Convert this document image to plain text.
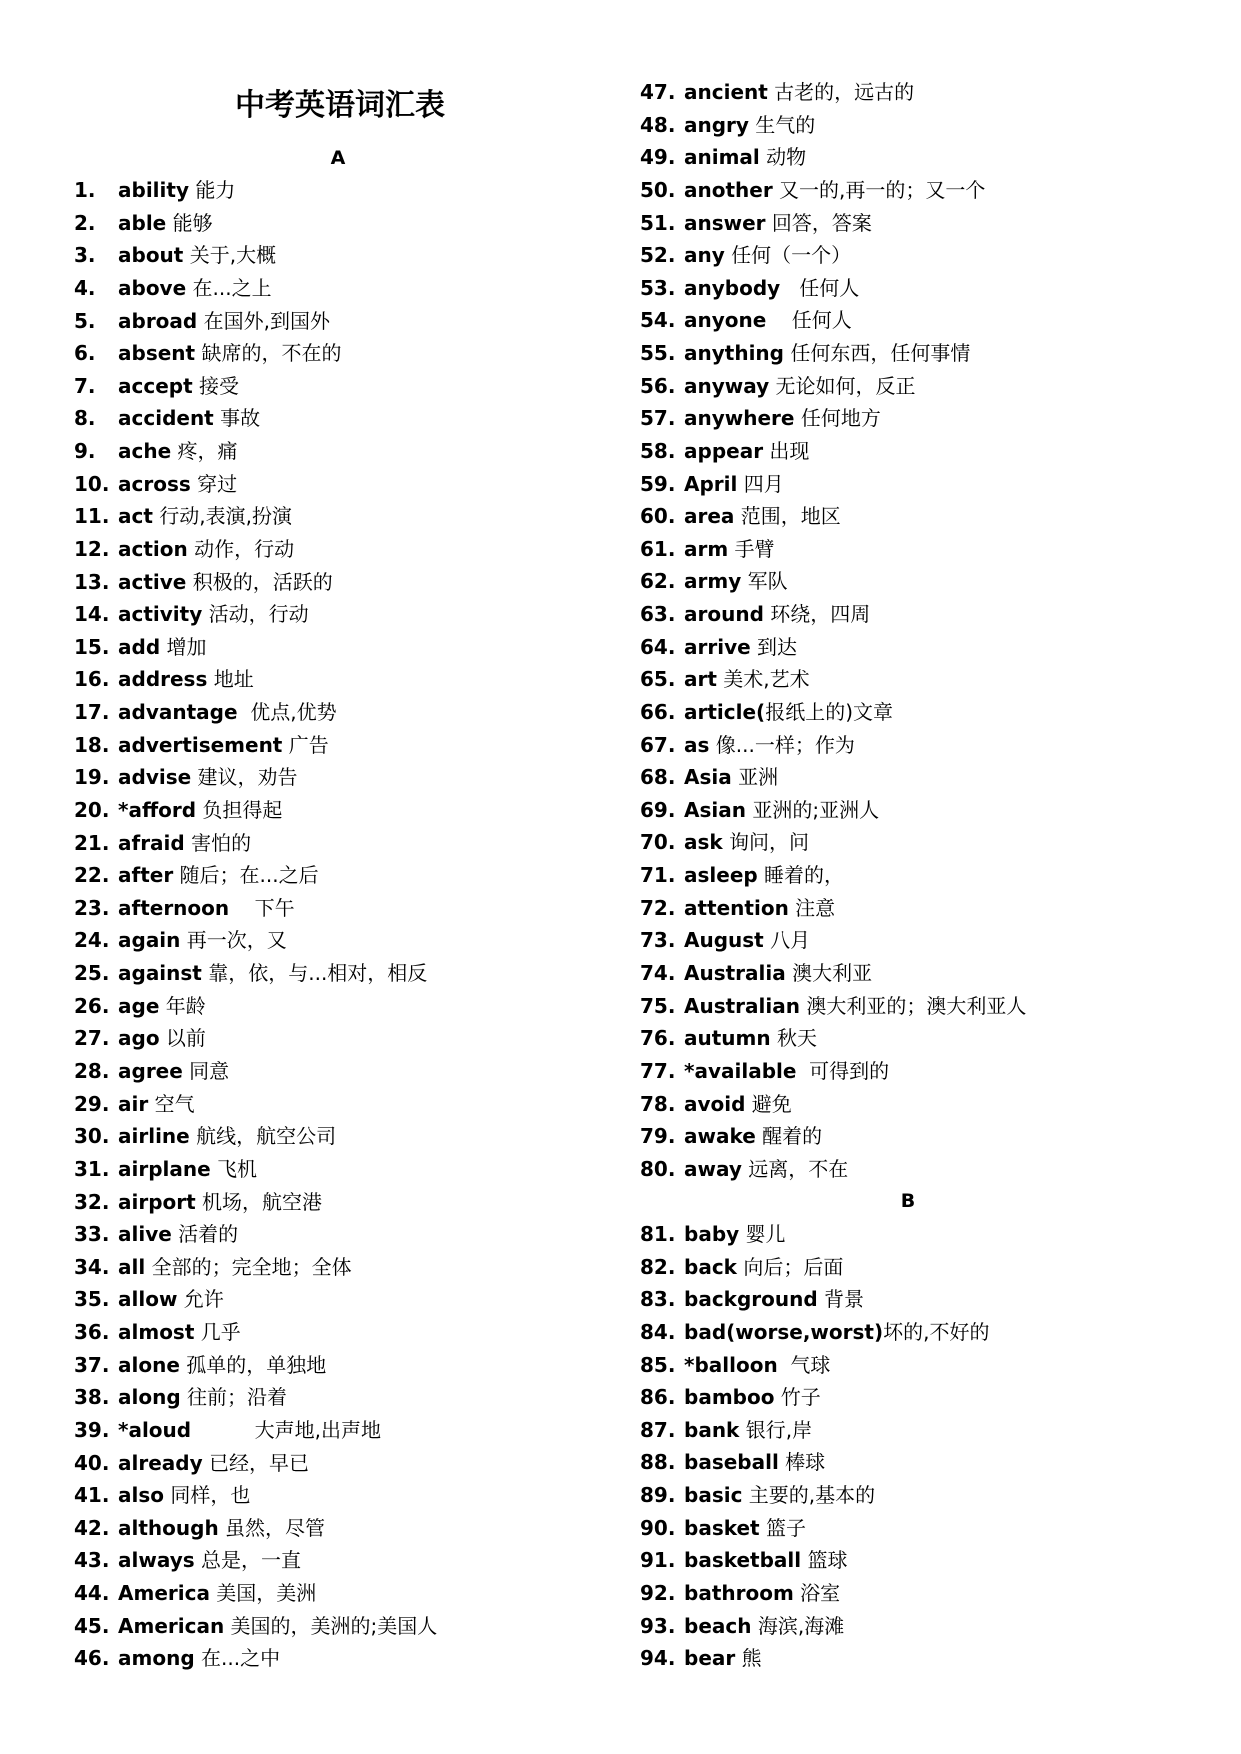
中考英语词汇表
A
1. ability 能力
2. able 能够
3. about 关于,大概
4. above 在...之上
5. abroad 在国外,到国外
6. absent 缺席的，不在的
7. accept 接受
8. accident 事故
9. ache 疼，痛
10. across 穿过
11. act 行动,表演,扮演
12. action 动作，行动
13. active 积极的，活跃的
14. activity 活动，行动
15. add 增加
16. address 地址
17. advantage  优点,优势
18. advertisement 广告
19. advise 建议，劝告
20. *afford 负担得起
21. afraid 害怕的
22. after 随后；在...之后
23. afternoon    下午
24. again 再一次，又
25. against 靠，依，与...相对，相反
26. age 年龄
27. ago 以前
28. agree 同意
29. air 空气
30. airline 航线，航空公司
31. airplane 飞机
32. airport 机场，航空港
33. alive 活着的
34. all 全部的；完全地；全体
35. allow 允许
36. almost 几乎
37. alone 孤单的，单独地
38. along 往前；沿着
39. *aloud          大声地,出声地
40. already 已经，早已
41. also 同样，也
42. although 虽然，尽管
43. always 总是，一直
44. America 美国，美洲
45. American 美国的，美洲的;美国人
46. among 在...之中
47. ancient 古老的，远古的
48. angry 生气的
49. animal 动物
50. another 又一的,再一的；又一个
51. answer 回答，答案
52. any 任何（一个）
53. anybody   任何人
54. anyone    任何人
55. anything 任何东西，任何事情
56. anyway 无论如何，反正
57. anywhere 任何地方
58. appear 出现
59. April 四月
60. area 范围，地区
61. arm 手臂
62. army 军队
63. around 环绕，四周
64. arrive 到达
65. art 美术,艺术
66. article(报纸上的)文章
67. as 像...一样；作为
68. Asia 亚洲
69. Asian 亚洲的;亚洲人
70. ask 询问，问
71. asleep 睡着的，
72. attention 注意
73. August 八月
74. Australia 澳大利亚
75. Australian 澳大利亚的；澳大利亚人
76. autumn 秋天
77. *available  可得到的
78. avoid 避免
79. awake 醒着的
80. away 远离，不在
81. baby 婴儿
82. back 向后；后面
83. background 背景
84. bad(worse,worst)坏的,不好的
85. *balloon  气球
86. bamboo 竹子
87. bank 银行,岸
88. baseball 棒球
89. basic 主要的,基本的
90. basket 篮子
91. basketball 篮球
92. bathroom 浴室
93. beach 海滨,海滩
94. bear 熊
B
